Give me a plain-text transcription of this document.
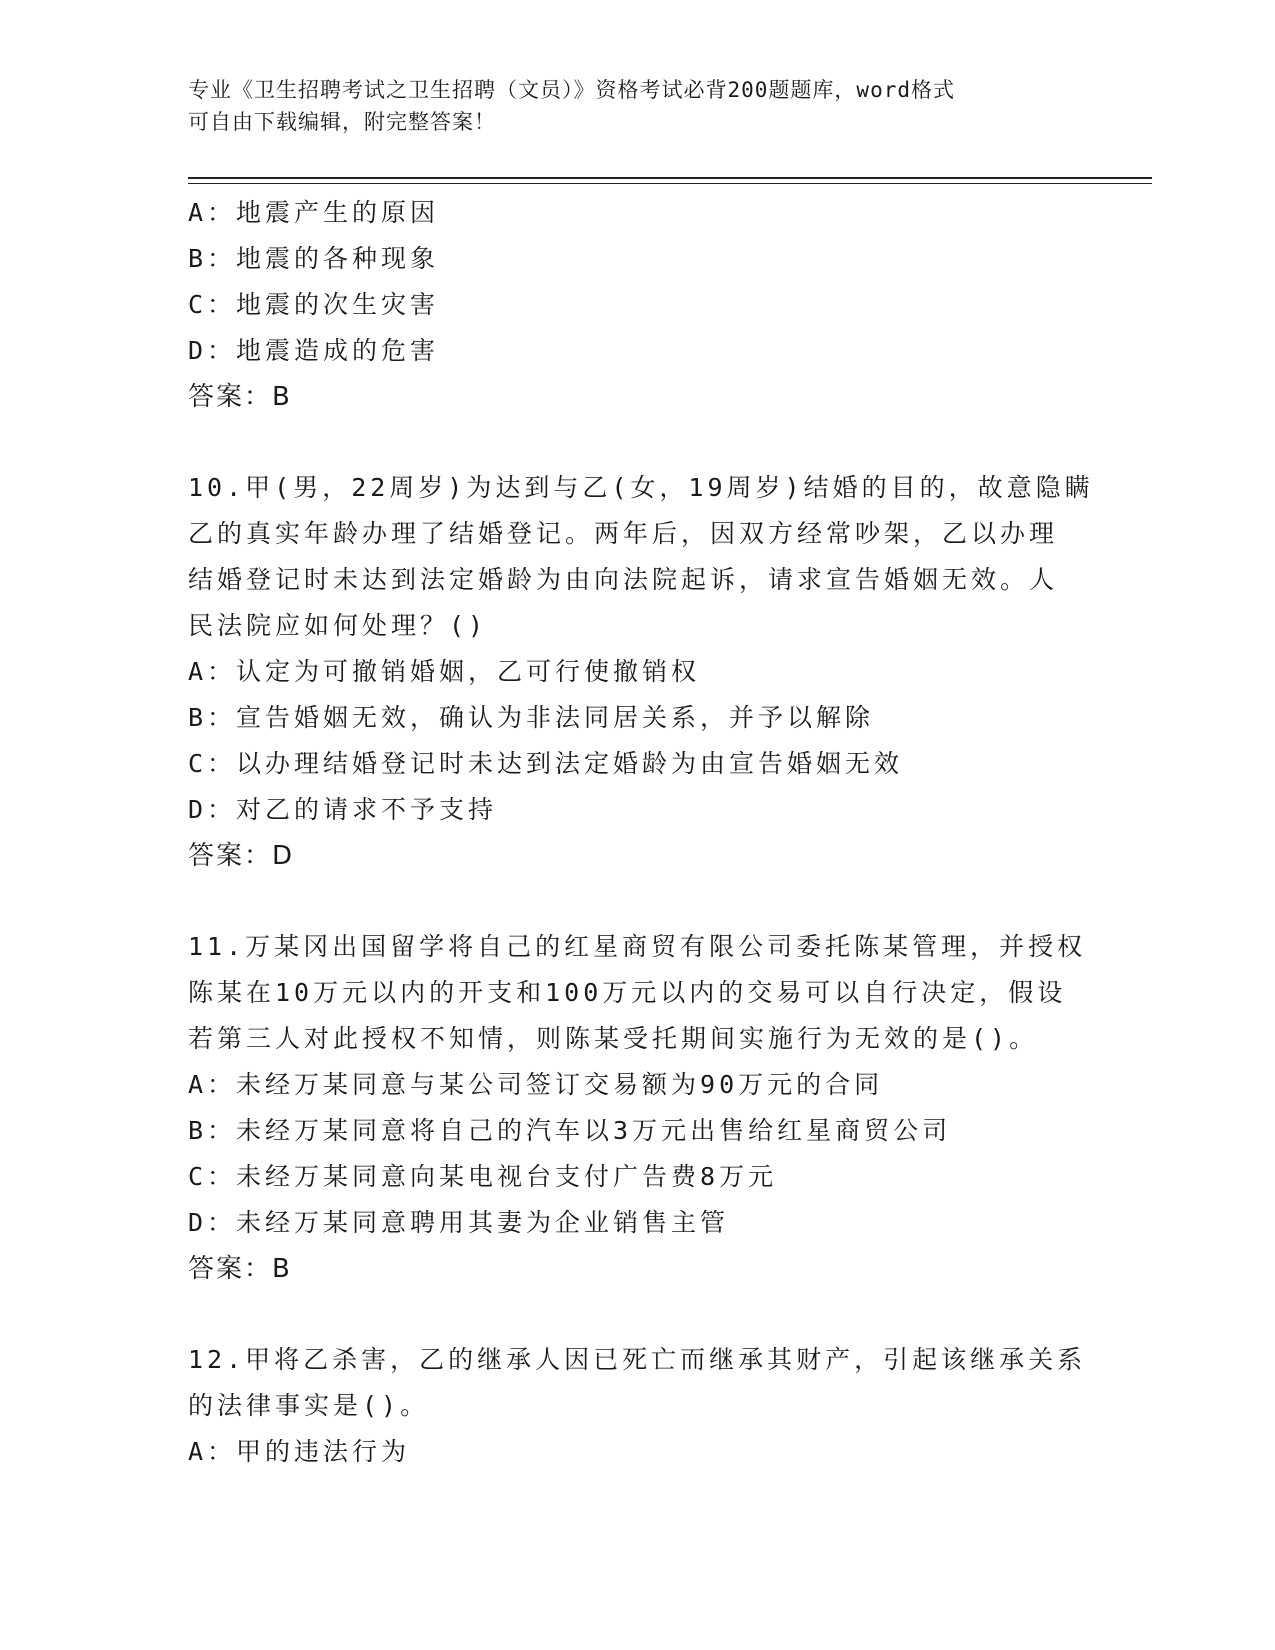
专业《卫生招聘考试之卫生招聘（文员）》资格考试必背200题题库，word格式
可自由下载编辑，附完整答案！
A：地震产生的原因
B：地震的各种现象
C：地震的次生灾害
D：地震造成的危害
答案：B
10.甲(男，22周岁)为达到与乙(女，19周岁)结婚的目的，故意隐瞒
乙的真实年龄办理了结婚登记。两年后，因双方经常吵架，乙以办理
结婚登记时未达到法定婚龄为由向法院起诉，请求宣告婚姻无效。人
民法院应如何处理？()
A：认定为可撤销婚姻，乙可行使撤销权
B：宣告婚姻无效，确认为非法同居关系，并予以解除
C：以办理结婚登记时未达到法定婚龄为由宣告婚姻无效
D：对乙的请求不予支持
答案：D
11.万某冈出国留学将自己的红星商贸有限公司委托陈某管理，并授权
陈某在10万元以内的开支和100万元以内的交易可以自行决定，假设
若第三人对此授权不知情，则陈某受托期间实施行为无效的是()。
A：未经万某同意与某公司签订交易额为90万元的合同
B：未经万某同意将自己的汽车以3万元出售给红星商贸公司
C：未经万某同意向某电视台支付广告费8万元
D：未经万某同意聘用其妻为企业销售主管
答案：B
12.甲将乙杀害，乙的继承人因已死亡而继承其财产，引起该继承关系
的法律事实是()。
A：甲的违法行为
